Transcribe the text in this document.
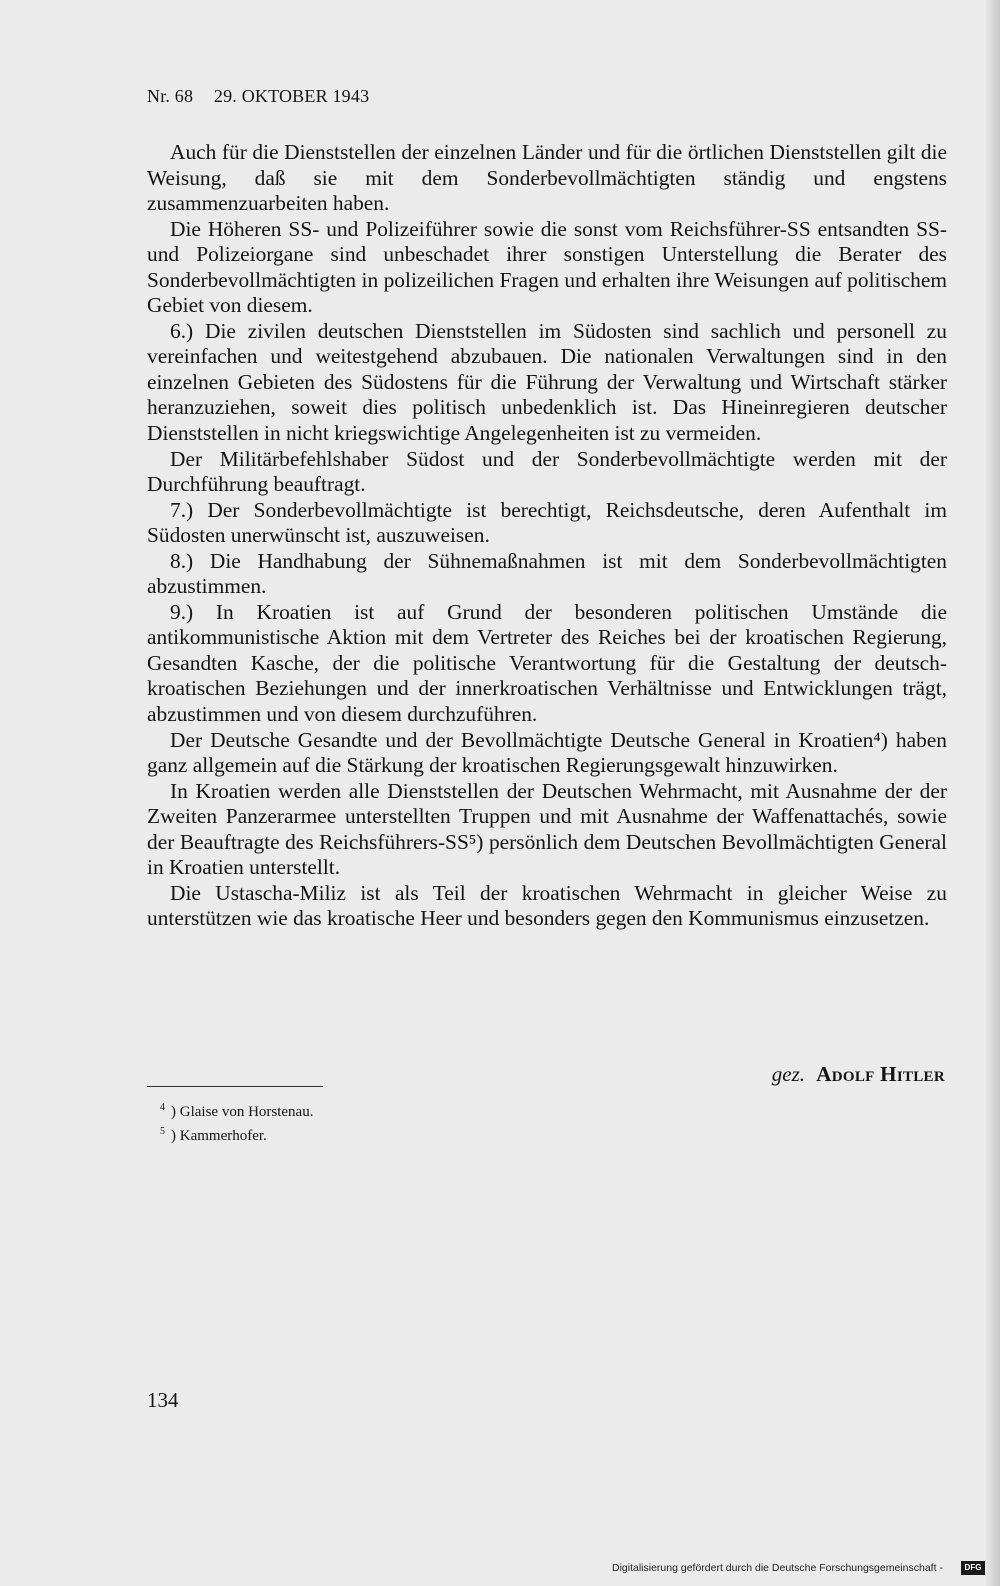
Nr. 68 29. OKTOBER 1943

Auch für die Dienststellen der einzelnen Länder und für die örtlichen Dienststellen gilt die Weisung, daß sie mit dem Sonderbevollmächtigten ständig und engstens zusammenzuarbeiten haben.

Die Höheren SS- und Polizeiführer sowie die sonst vom Reichsführer-SS entsandten SS- und Polizeiorgane sind unbeschadet ihrer sonstigen Unterstellung die Berater des Sonderbevollmächtigten in polizeilichen Fragen und erhalten ihre Weisungen auf politischem Gebiet von diesem.

6.) Die zivilen deutschen Dienststellen im Südosten sind sachlich und personell zu vereinfachen und weitestgehend abzubauen. Die nationalen Verwaltungen sind in den einzelnen Gebieten des Südostens für die Führung der Verwaltung und Wirtschaft stärker heranzuziehen, soweit dies politisch unbedenklich ist. Das Hineinregieren deutscher Dienststellen in nicht kriegswichtige Angelegenheiten ist zu vermeiden.

Der Militärbefehlshaber Südost und der Sonderbevollmächtigte werden mit der Durchführung beauftragt.

7.) Der Sonderbevollmächtigte ist berechtigt, Reichsdeutsche, deren Aufenthalt im Südosten unerwünscht ist, auszuweisen.

8.) Die Handhabung der Sühnemaßnahmen ist mit dem Sonderbevollmächtigten abzustimmen.

9.) In Kroatien ist auf Grund der besonderen politischen Umstände die antikommunistische Aktion mit dem Vertreter des Reiches bei der kroatischen Regierung, Gesandten Kasche, der die politische Verantwortung für die Gestaltung der deutsch-kroatischen Beziehungen und der innerkroatischen Verhältnisse und Entwicklungen trägt, abzustimmen und von diesem durchzuführen.

Der Deutsche Gesandte und der Bevollmächtigte Deutsche General in Kroatien⁴) haben ganz allgemein auf die Stärkung der kroatischen Regierungsgewalt hinzuwirken.

In Kroatien werden alle Dienststellen der Deutschen Wehrmacht, mit Ausnahme der der Zweiten Panzerarmee unterstellten Truppen und mit Ausnahme der Waffenattachés, sowie der Beauftragte des Reichsführers-SS⁵) persönlich dem Deutschen Bevollmächtigten General in Kroatien unterstellt.

Die Ustascha-Miliz ist als Teil der kroatischen Wehrmacht in gleicher Weise zu unterstützen wie das kroatische Heer und besonders gegen den Kommunismus einzusetzen.

gez. Adolf Hitler
$^4$ ) Glaise von Horstenau.
$^5$ ) Kammerhofer.
134
Digitalisierung gefördert durch die Deutsche Forschungsgemeinschaft -	DFG
